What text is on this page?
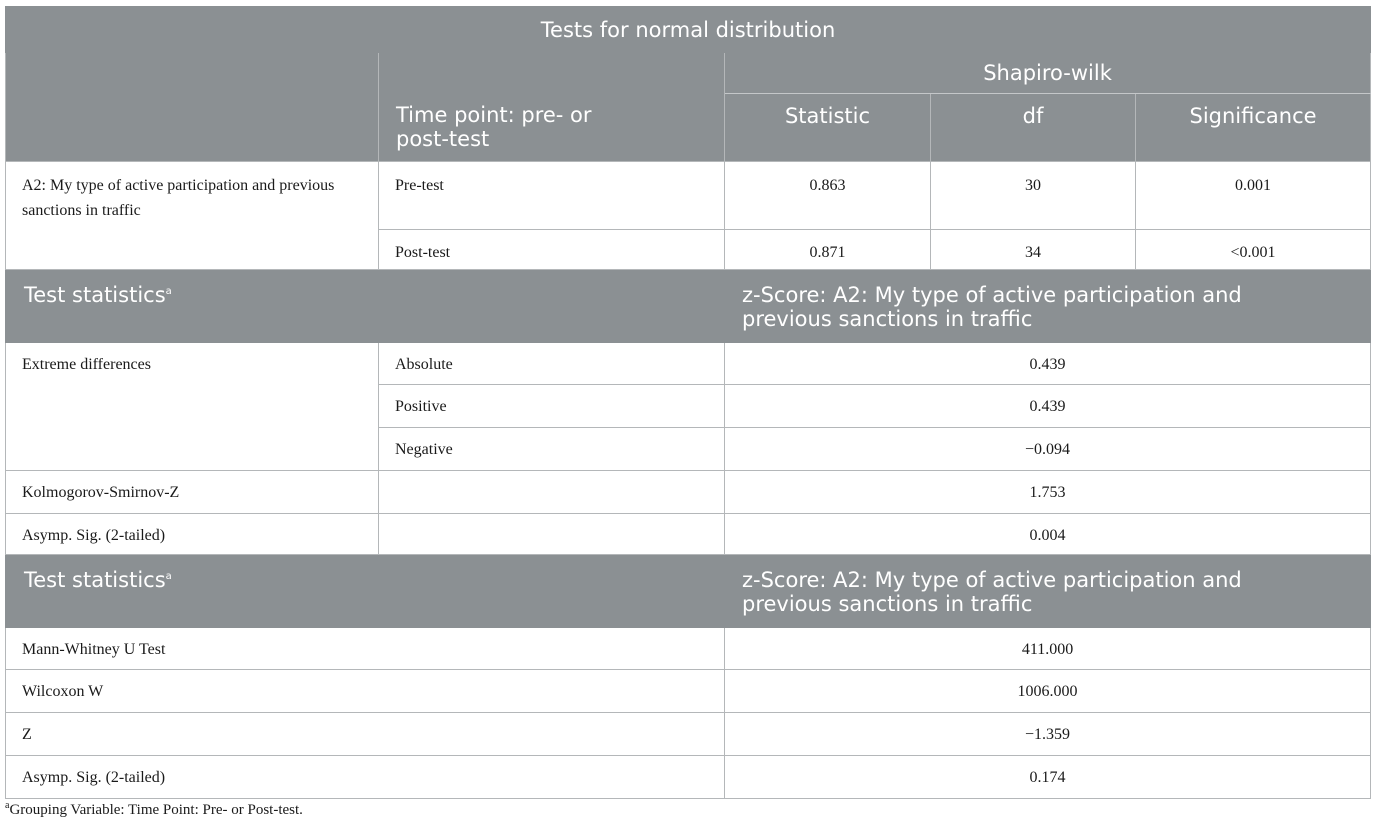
Tests for normal distribution				

	Time point: pre- or post-test	Shapiro-wilk		
		Statistic	df	Significance
A2: My type of active participation and previous sanctions in traffic	Pre-test	0.863	30	0.001
	Post-test	0.871	34	<0.001
Test statistics$^a$		z-Score: A2: My type of active participation and previous sanctions in traffic		
Extreme differences	Absolute	0.439		
	Positive	0.439		
	Negative	−0.094		
Kolmogorov-Smirnov-Z		1.753		
Asymp. Sig. (2-tailed)		0.004		
Test statistics$^a$		z-Score: A2: My type of active participation and previous sanctions in traffic		
Mann-Whitney U Test		411.000		
Wilcoxon W		1006.000		
Z		−1.359		
Asymp. Sig. (2-tailed)		0.174		
$^a$Grouping Variable: Time Point: Pre- or Post-test.
